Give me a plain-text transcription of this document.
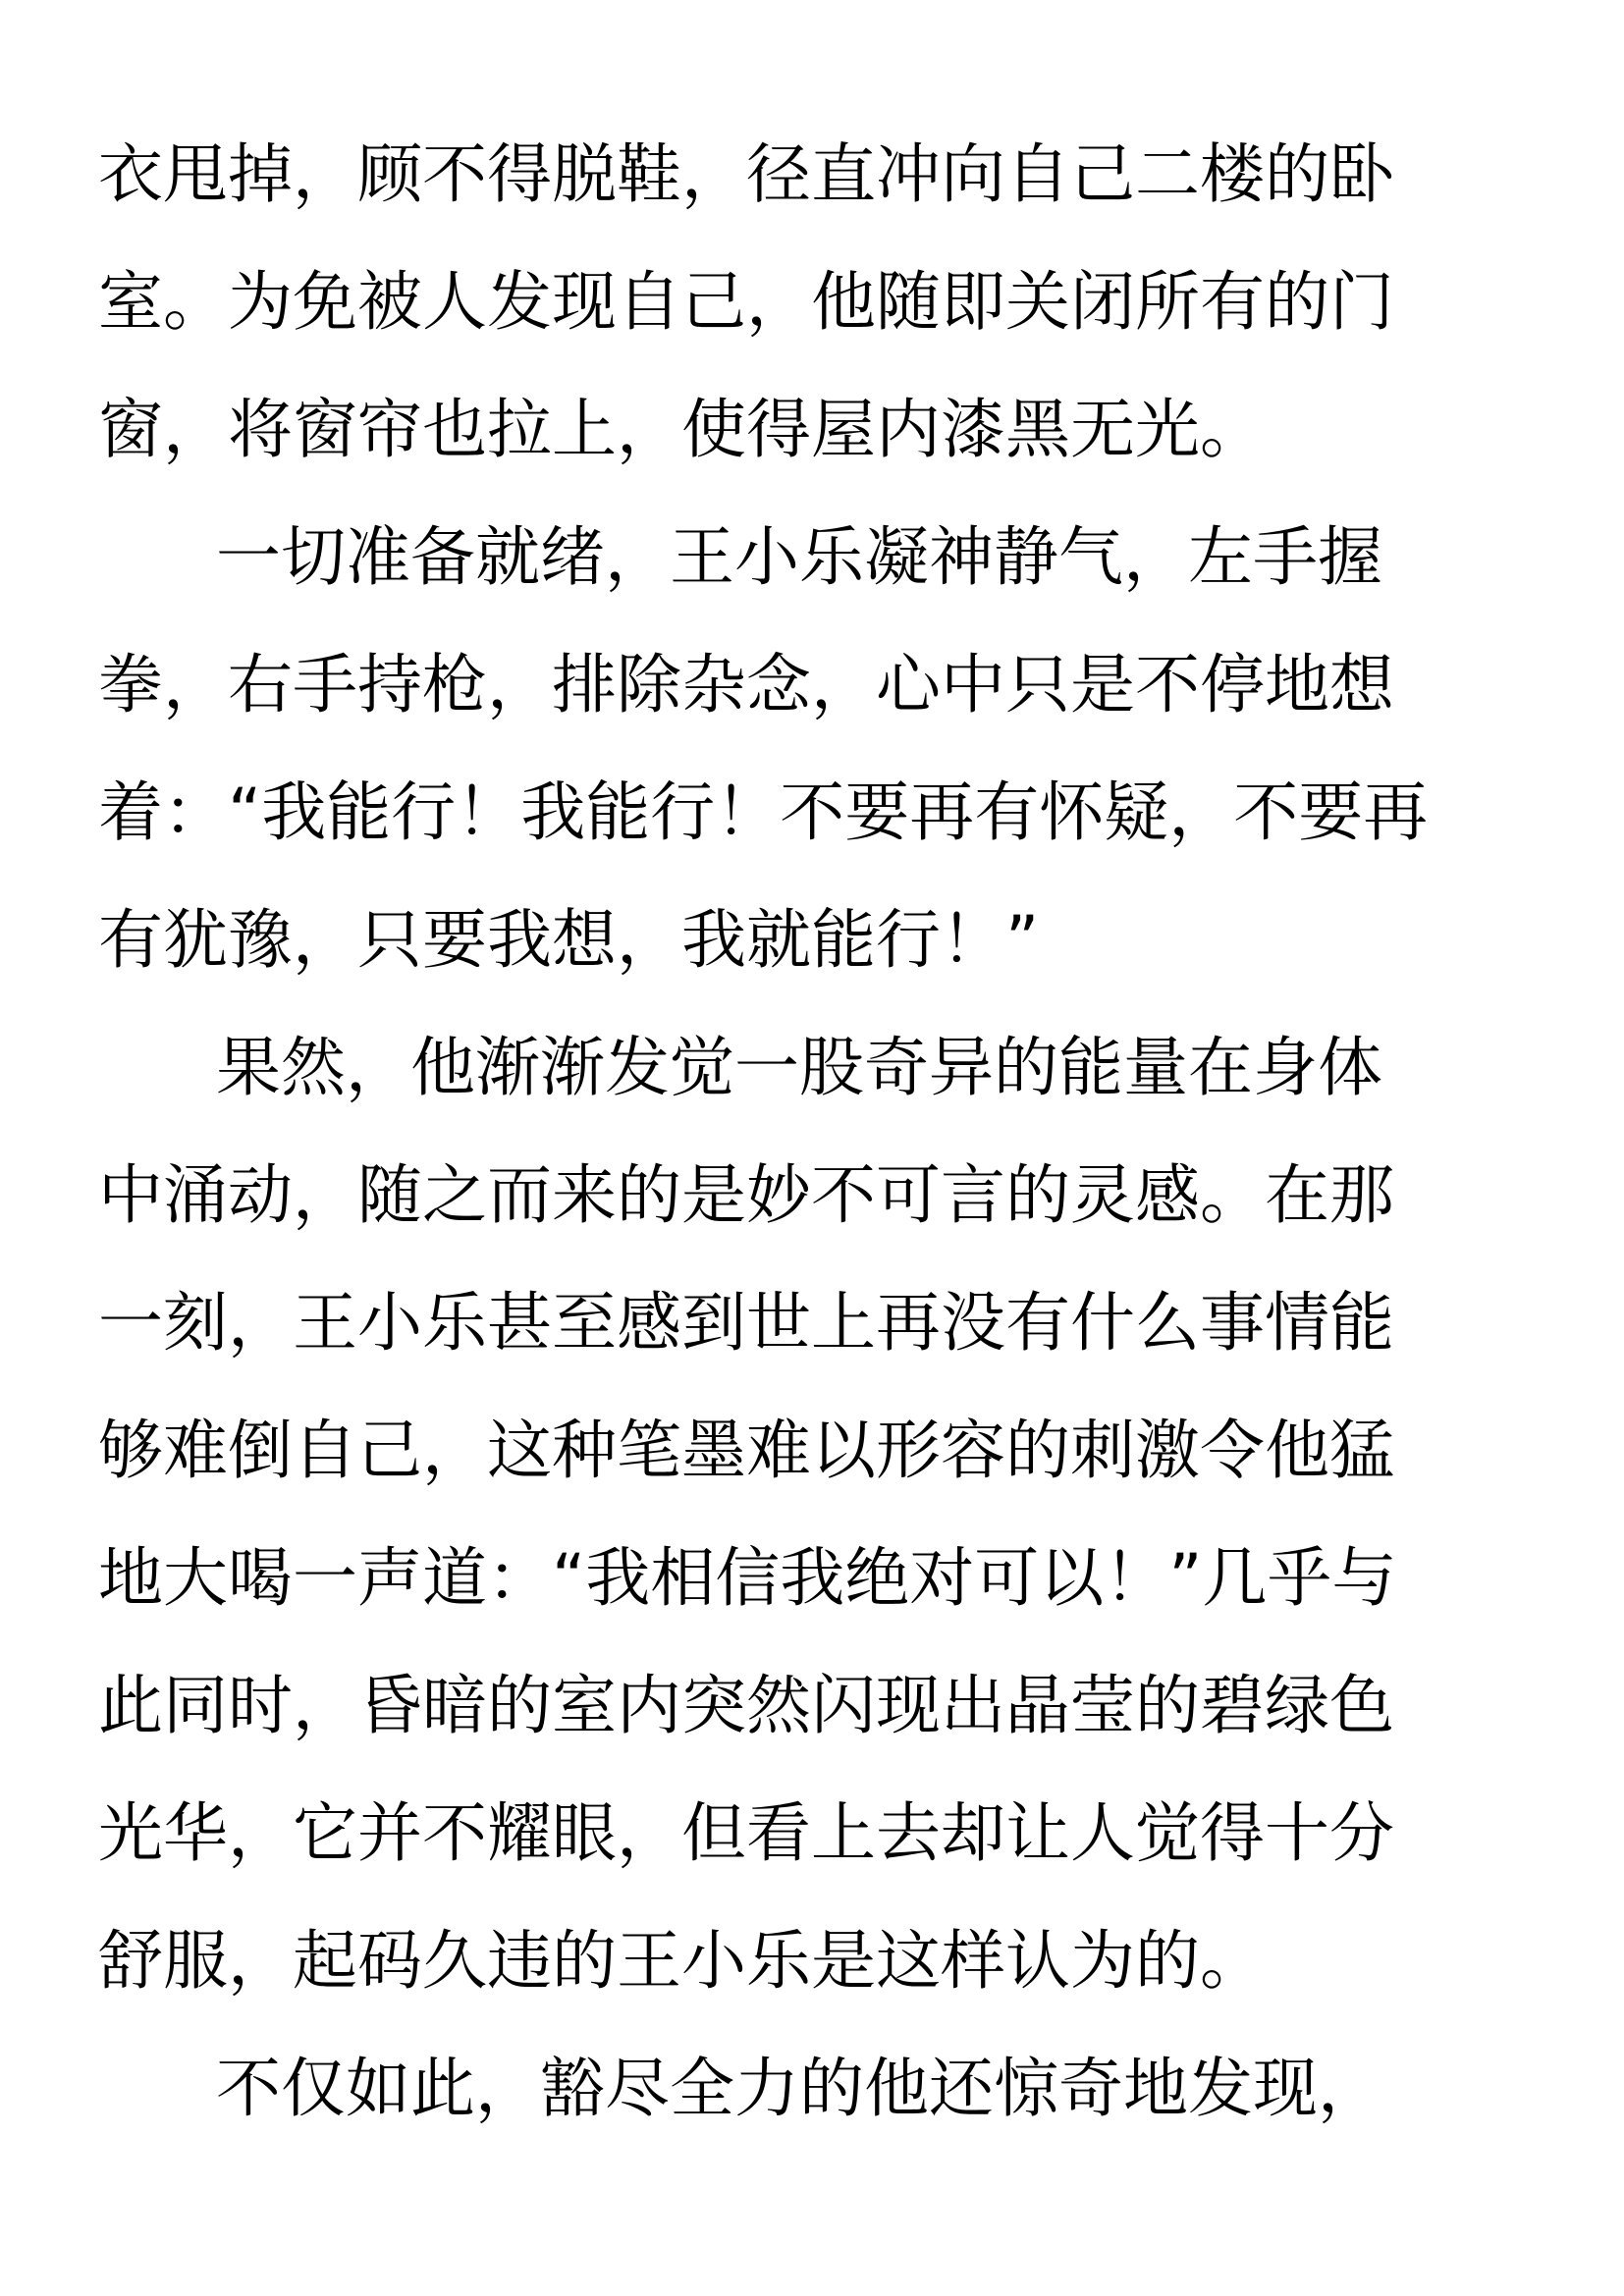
衣甩掉，顾不得脱鞋，径直冲向自己二楼的卧
室。为免被人发现自己，他随即关闭所有的门
窗，将窗帘也拉上，使得屋内漆黑无光。
一切准备就绪，王小乐凝神静气，左手握
拳，右手持枪，排除杂念，心中只是不停地想
着：“我能行！我能行！不要再有怀疑，不要再
有犹豫，只要我想，我就能行！”
果然，他渐渐发觉一股奇异的能量在身体
中涌动，随之而来的是妙不可言的灵感。在那
一刻，王小乐甚至感到世上再没有什么事情能
够难倒自己，这种笔墨难以形容的刺激令他猛
地大喝一声道：“我相信我绝对可以！”几乎与
此同时，昏暗的室内突然闪现出晶莹的碧绿色
光华，它并不耀眼，但看上去却让人觉得十分
舒服，起码久违的王小乐是这样认为的。
不仅如此，豁尽全力的他还惊奇地发现，
